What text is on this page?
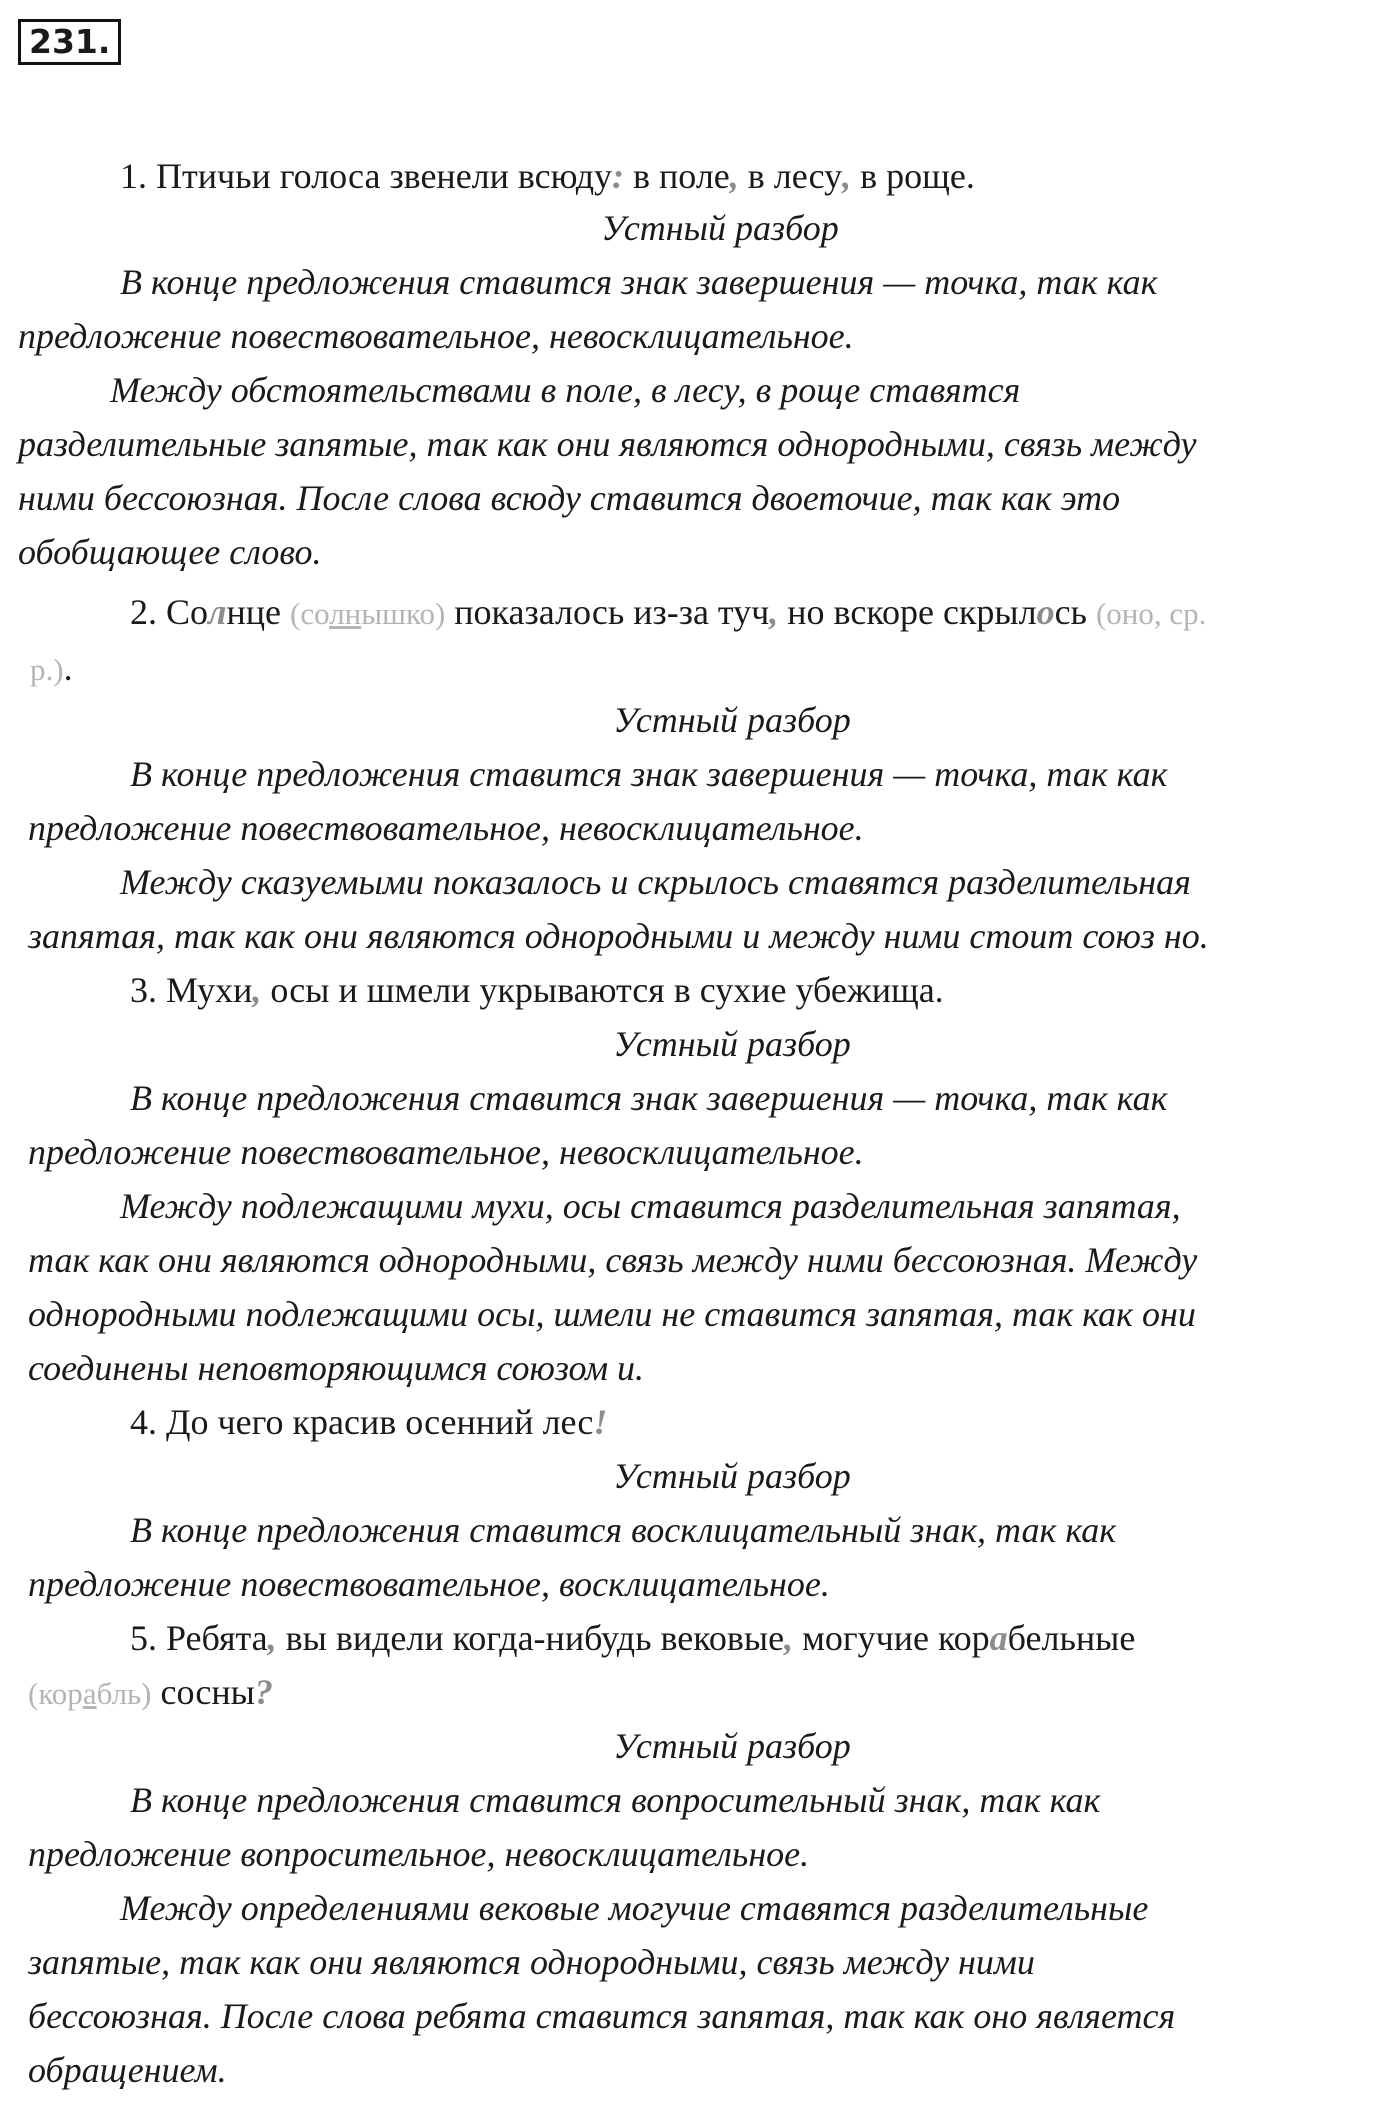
231.
1. Птичьи голоса звенели всюду: в поле, в лесу, в роще.
Устный разбор
В конце предложения ставится знак завершения — точка, так как
предложение повествовательное, невосклицательное.
Между обстоятельствами в поле, в лесу, в роще ставятся
разделительные запятые, так как они являются однородными, связь между
ними бессоюзная. После слова всюду ставится двоеточие, так как это
обобщающее слово.
2. Солнце (солнышко) показалось из-за туч, но вскоре скрылось (оно, ср.
р.).
Устный разбор
В конце предложения ставится знак завершения — точка, так как
предложение повествовательное, невосклицательное.
Между сказуемыми показалось и скрылось ставятся разделительная
запятая, так как они являются однородными и между ними стоит союз но.
3. Мухи, осы и шмели укрываются в сухие убежища.
Устный разбор
В конце предложения ставится знак завершения — точка, так как
предложение повествовательное, невосклицательное.
Между подлежащими мухи, осы ставится разделительная запятая,
так как они являются однородными, связь между ними бессоюзная. Между
однородными подлежащими осы, шмели не ставится запятая, так как они
соединены неповторяющимся союзом и.
4. До чего красив осенний лес!
Устный разбор
В конце предложения ставится восклицательный знак, так как
предложение повествовательное, восклицательное.
5. Ребята, вы видели когда-нибудь вековые, могучие корабельные
(корабль) сосны?
Устный разбор
В конце предложения ставится вопросительный знак, так как
предложение вопросительное, невосклицательное.
Между определениями вековые могучие ставятся разделительные
запятые, так как они являются однородными, связь между ними
бессоюзная. После слова ребята ставится запятая, так как оно является
обращением.
